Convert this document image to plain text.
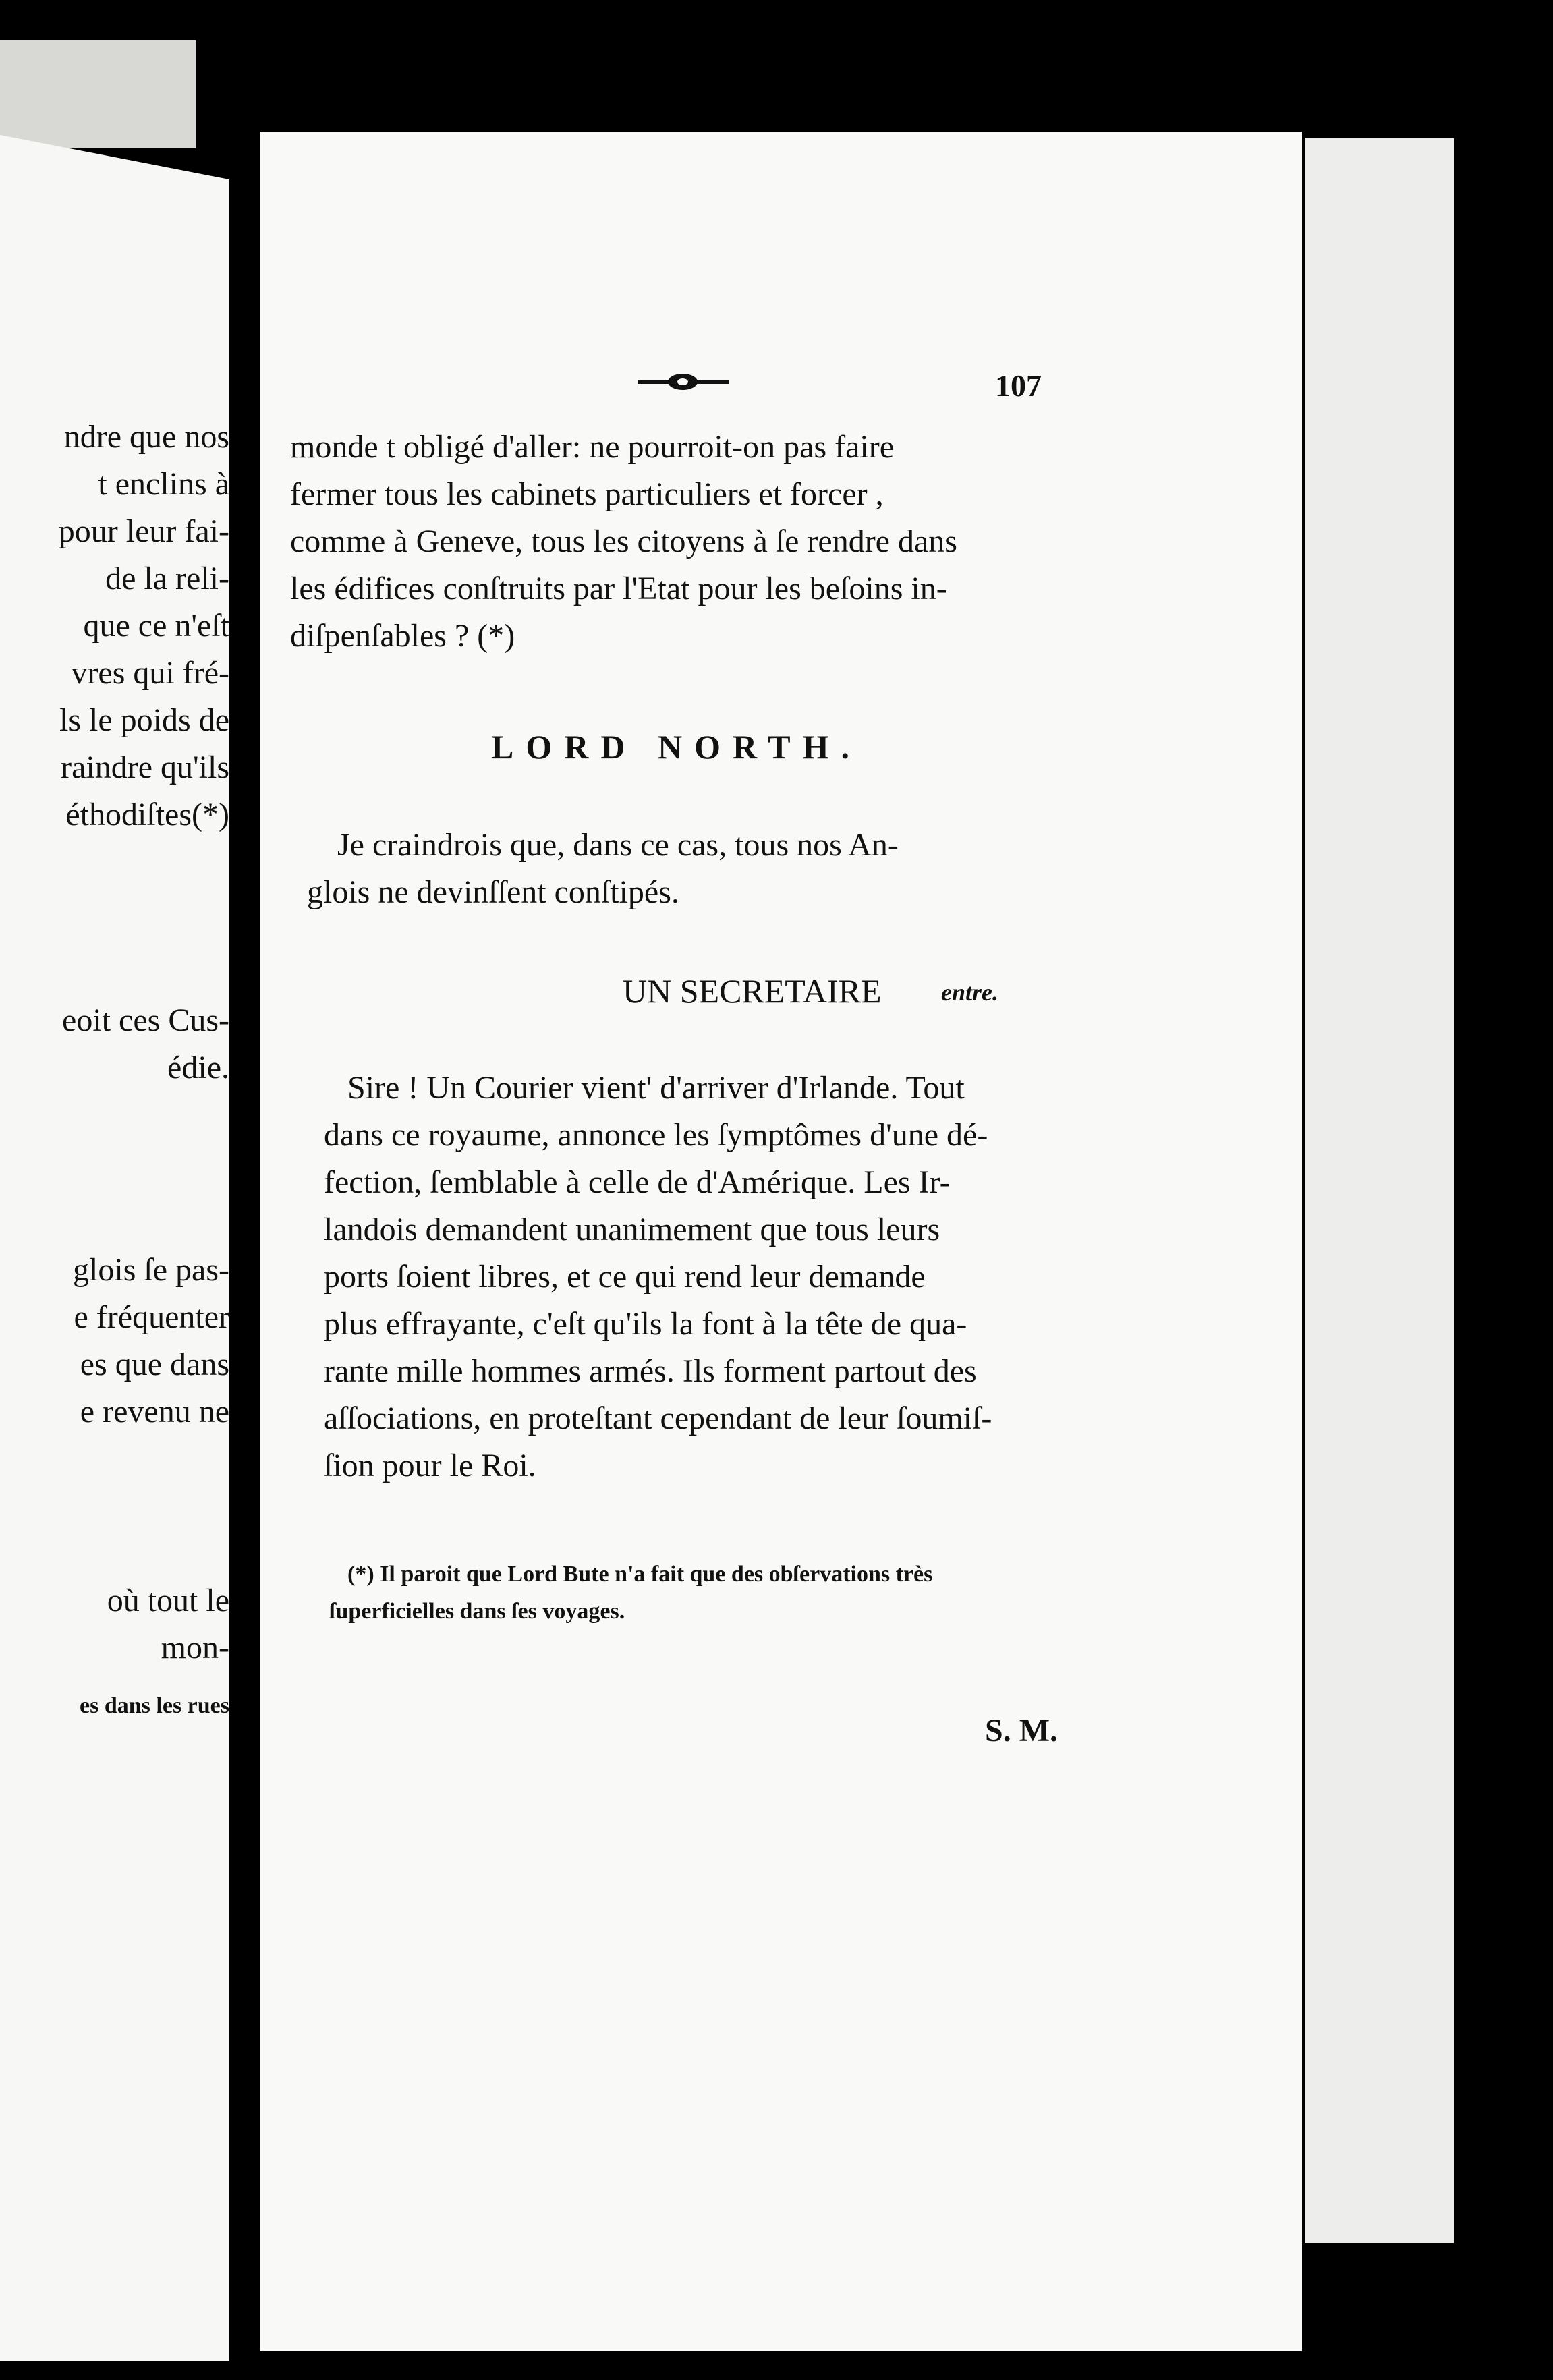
ndre que nos
t enclins à
pour leur fai-
de la reli-
que ce n'eſt
vres qui fré-
ls le poids de
raindre qu'ils
éthodiſtes(*)
eoit ces Cus-
édie.
glois ſe pas-
e fréquenter
es que dans
e revenu ne
où tout le
mon-
es dans les rues
107
monde t obligé d'aller: ne pourroit-on pas faire
fermer tous les cabinets particuliers et forcer ,
comme à Geneve, tous les citoyens à ſe rendre dans
les édifices conſtruits par l'Etat pour les beſoins in-
diſpenſables ? (*)
LORD NORTH.
Je craindrois que, dans ce cas, tous nos An-
glois ne devinſſent conſtipés.
UN SECRETAIRE entre.
Sire ! Un Courier vient' d'arriver d'Irlande. Tout
dans ce royaume, annonce les ſymptômes d'une dé-
fection, ſemblable à celle de d'Amérique. Les Ir-
landois demandent unanimement que tous leurs
ports ſoient libres, et ce qui rend leur demande
plus effrayante, c'eſt qu'ils la font à la tête de qua-
rante mille hommes armés. Ils forment partout des
aſſociations, en proteſtant cependant de leur ſoumiſ-
ſion pour le Roi.
(*) Il paroit que Lord Bute n'a fait que des obſervations très
ſuperficielles dans ſes voyages.
S. M.
